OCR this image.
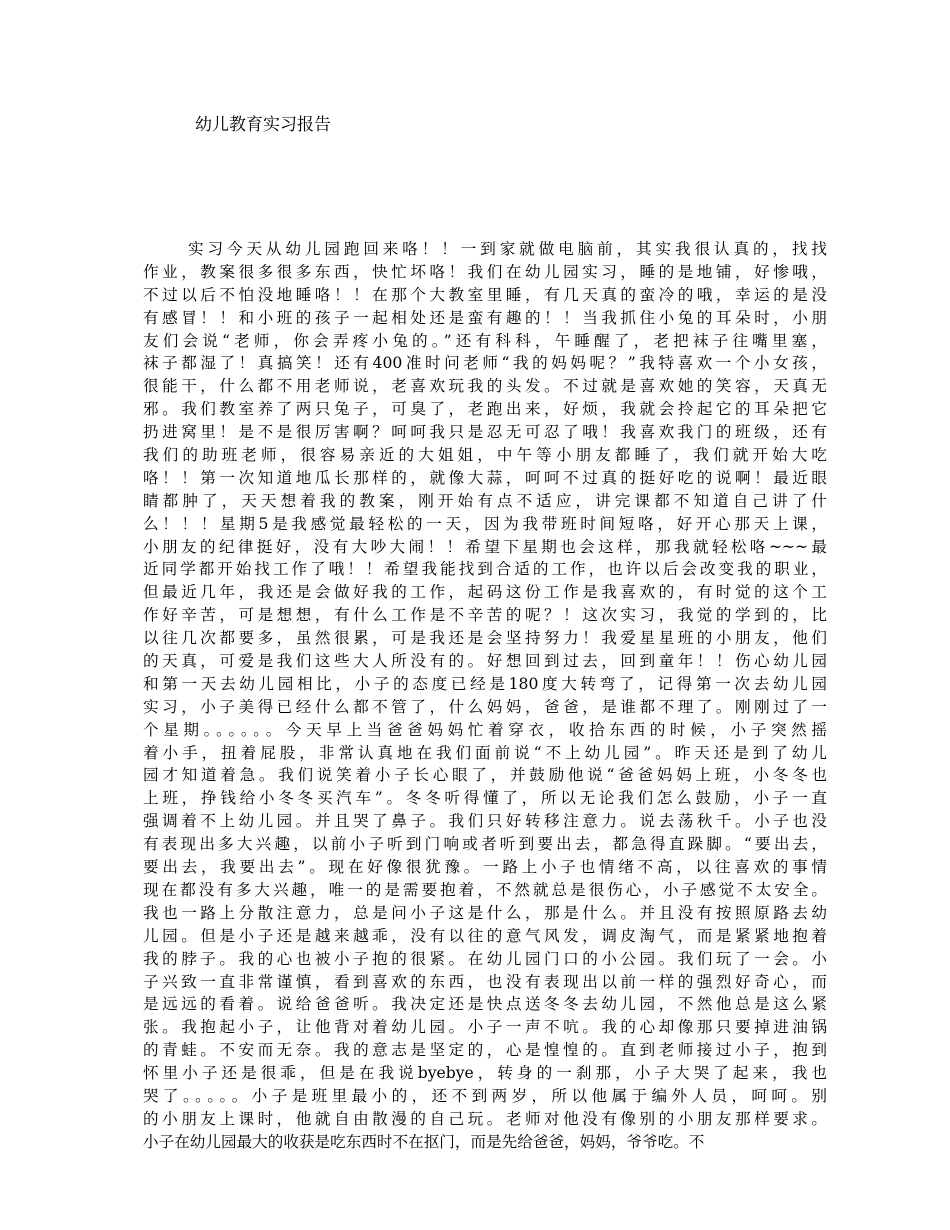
幼儿教育实习报告
实习今天从幼儿园跑回来咯！！一到家就做电脑前，其实我很认真的，找找
作业，教案很多很多东西，快忙坏咯！我们在幼儿园实习，睡的是地铺，好惨哦，
不过以后不怕没地睡咯！！在那个大教室里睡，有几天真的蛮冷的哦，幸运的是没
有感冒！！和小班的孩子一起相处还是蛮有趣的！！当我抓住小兔的耳朵时，小朋
友们会说“老师，你会弄疼小兔的。”还有科科，午睡醒了，老把袜子往嘴里塞，
袜子都湿了！真搞笑！还有400准时问老师“我的妈妈呢？”我特喜欢一个小女孩，
很能干，什么都不用老师说，老喜欢玩我的头发。不过就是喜欢她的笑容，天真无
邪。我们教室养了两只兔子，可臭了，老跑出来，好烦，我就会拎起它的耳朵把它
扔进窝里！是不是很厉害啊？呵呵我只是忍无可忍了哦！我喜欢我门的班级，还有
我们的助班老师，很容易亲近的大姐姐，中午等小朋友都睡了，我们就开始大吃
咯！！第一次知道地瓜长那样的，就像大蒜，呵呵不过真的挺好吃的说啊！最近眼
睛都肿了，天天想着我的教案，刚开始有点不适应，讲完课都不知道自己讲了什
么！！！星期5是我感觉最轻松的一天，因为我带班时间短咯，好开心那天上课，
小朋友的纪律挺好，没有大吵大闹！！希望下星期也会这样，那我就轻松咯~~~最
近同学都开始找工作了哦！！希望我能找到合适的工作，也许以后会改变我的职业，
但最近几年，我还是会做好我的工作，起码这份工作是我喜欢的，有时觉的这个工
作好辛苦，可是想想，有什么工作是不辛苦的呢？！这次实习，我觉的学到的，比
以往几次都要多，虽然很累，可是我还是会坚持努力！我爱星星班的小朋友，他们
的天真，可爱是我们这些大人所没有的。好想回到过去，回到童年！！伤心幼儿园
和第一天去幼儿园相比，小子的态度已经是180度大转弯了，记得第一次去幼儿园
实习，小子美得已经什么都不管了，什么妈妈，爸爸，是谁都不理了。刚刚过了一
个星期。。。。。。今天早上当爸爸妈妈忙着穿衣，收拾东西的时候，小子突然摇
着小手，扭着屁股，非常认真地在我们面前说“不上幼儿园”。昨天还是到了幼儿
园才知道着急。我们说笑着小子长心眼了，并鼓励他说“爸爸妈妈上班，小冬冬也
上班，挣钱给小冬冬买汽车”。冬冬听得懂了，所以无论我们怎么鼓励，小子一直
强调着不上幼儿园。并且哭了鼻子。我们只好转移注意力。说去荡秋千。小子也没
有表现出多大兴趣，以前小子听到门响或者听到要出去，都急得直跺脚。“要出去，
要出去，我要出去”。现在好像很犹豫。一路上小子也情绪不高，以往喜欢的事情
现在都没有多大兴趣，唯一的是需要抱着，不然就总是很伤心，小子感觉不太安全。
我也一路上分散注意力，总是问小子这是什么，那是什么。并且没有按照原路去幼
儿园。但是小子还是越来越乖，没有以往的意气风发，调皮淘气，而是紧紧地抱着
我的脖子。我的心也被小子抱的很紧。在幼儿园门口的小公园。我们玩了一会。小
子兴致一直非常谨慎，看到喜欢的东西，也没有表现出以前一样的强烈好奇心，而
是远远的看着。说给爸爸听。我决定还是快点送冬冬去幼儿园，不然他总是这么紧
张。我抱起小子，让他背对着幼儿园。小子一声不吭。我的心却像那只要掉进油锅
的青蛙。不安而无奈。我的意志是坚定的，心是惶惶的。直到老师接过小子，抱到
怀里小子还是很乖，但是在我说byebye，转身的一刹那，小子大哭了起来，我也
哭了。。。。。小子是班里最小的，还不到两岁，所以他属于编外人员，呵呵。别
的小朋友上课时，他就自由散漫的自己玩。老师对他没有像别的小朋友那样要求。
小子在幼儿园最大的收获是吃东西时不在抠门，而是先给爸爸，妈妈，爷爷吃。不
